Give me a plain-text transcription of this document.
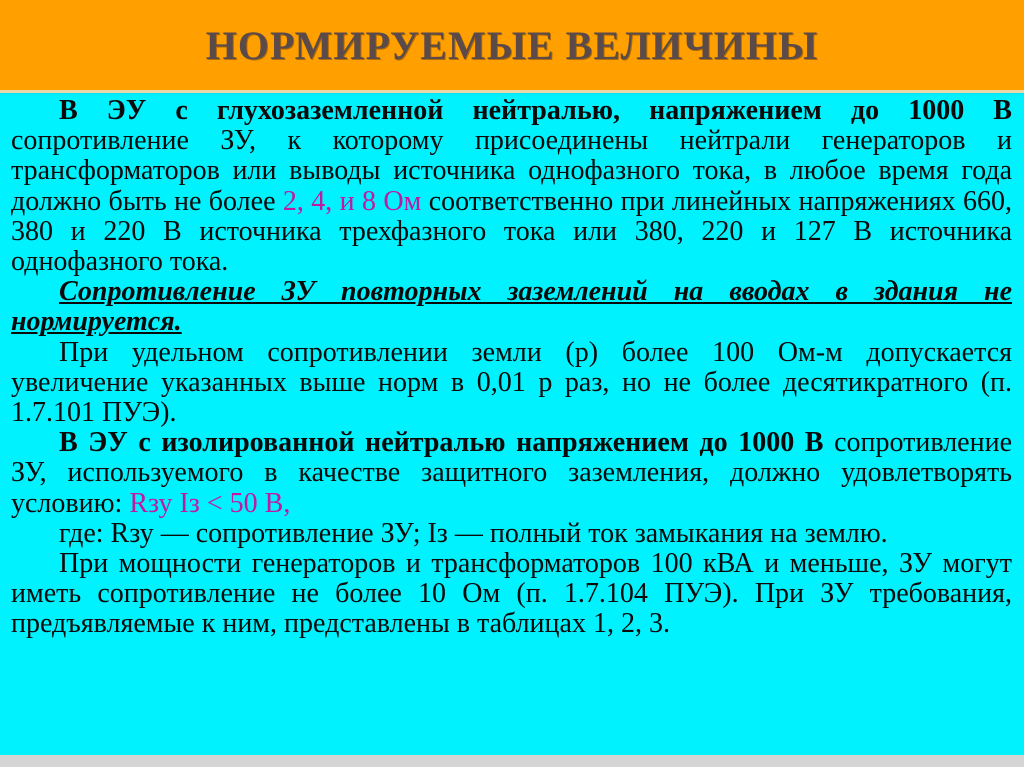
НОРМИРУЕМЫЕ ВЕЛИЧИНЫ

В ЭУ с глухозаземленной нейтралью, напряжением до 1000 В сопротивление ЗУ, к которому присоединены нейтрали генераторов и трансформаторов или выводы источника однофазного тока, в любое время года должно быть не более 2, 4, и 8 Ом соответственно при линейных напряжениях 660, 380 и 220 В источника трехфазного тока или 380, 220 и 127 В источника однофазного тока.

Сопротивление ЗУ повторных заземлений на вводах в здания не нормируется.

При удельном сопротивлении земли (р) более 100 Ом-м допускается увеличение указанных выше норм в 0,01 р раз, но не более десятикратного (п. 1.7.101 ПУЭ).

В ЭУ с изолированной нейтралью напряжением до 1000 В сопротивление ЗУ, используемого в качестве защитного заземления, должно удовлетворять условию: Rзу Iз < 50 В,

где: Rзу — сопротивление ЗУ; Iз — полный ток замыкания на землю.

При мощности генераторов и трансформаторов 100 кВА и меньше, ЗУ могут иметь сопротивление не более 10 Ом (п. 1.7.104 ПУЭ). При ЗУ требования, предъявляемые к ним, представлены в таблицах 1, 2, 3.
